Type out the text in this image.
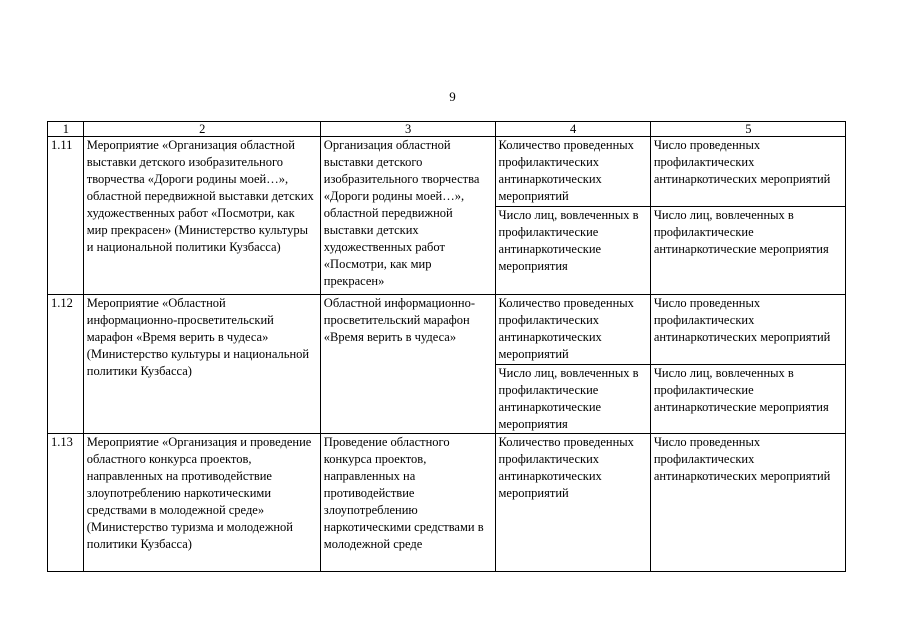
9
1	2	3	4	5
1.11	Мероприятие «Организация областной выставки детского изобразительного творчества «Дороги родины моей…», областной передвижной выставки детских художественных работ «Посмотри, как мир прекрасен» (Министерство культуры и национальной политики Кузбасса)	Организация областной выставки детского изобразительного творчества «Дороги родины моей…», областной передвижной выставки детских художественных работ «Посмотри, как мир прекрасен»	Количество проведенных профилактических антинаркотических мероприятий	Число проведенных профилактических антинаркотических мероприятий
			Число лиц, вовлеченных в профилактические антинаркотические мероприятия	Число лиц, вовлеченных в профилактические антинаркотические мероприятия
1.12	Мероприятие «Областной информационно-просветительский марафон «Время верить в чудеса» (Министерство культуры и национальной политики Кузбасса)	Областной информационно-просветительский марафон «Время верить в чудеса»	Количество проведенных профилактических антинаркотических мероприятий	Число проведенных профилактических антинаркотических мероприятий
			Число лиц, вовлеченных в профилактические антинаркотические мероприятия	Число лиц, вовлеченных в профилактические антинаркотические мероприятия
1.13	Мероприятие «Организация и проведение областного конкурса проектов, направленных на противодействие злоупотреблению наркотическими средствами в молодежной среде» (Министерство туризма и молодежной политики Кузбасса)	Проведение областного конкурса проектов, направленных на противодействие злоупотреблению наркотическими средствами в молодежной среде	Количество проведенных профилактических антинаркотических мероприятий	Число проведенных профилактических антинаркотических мероприятий
